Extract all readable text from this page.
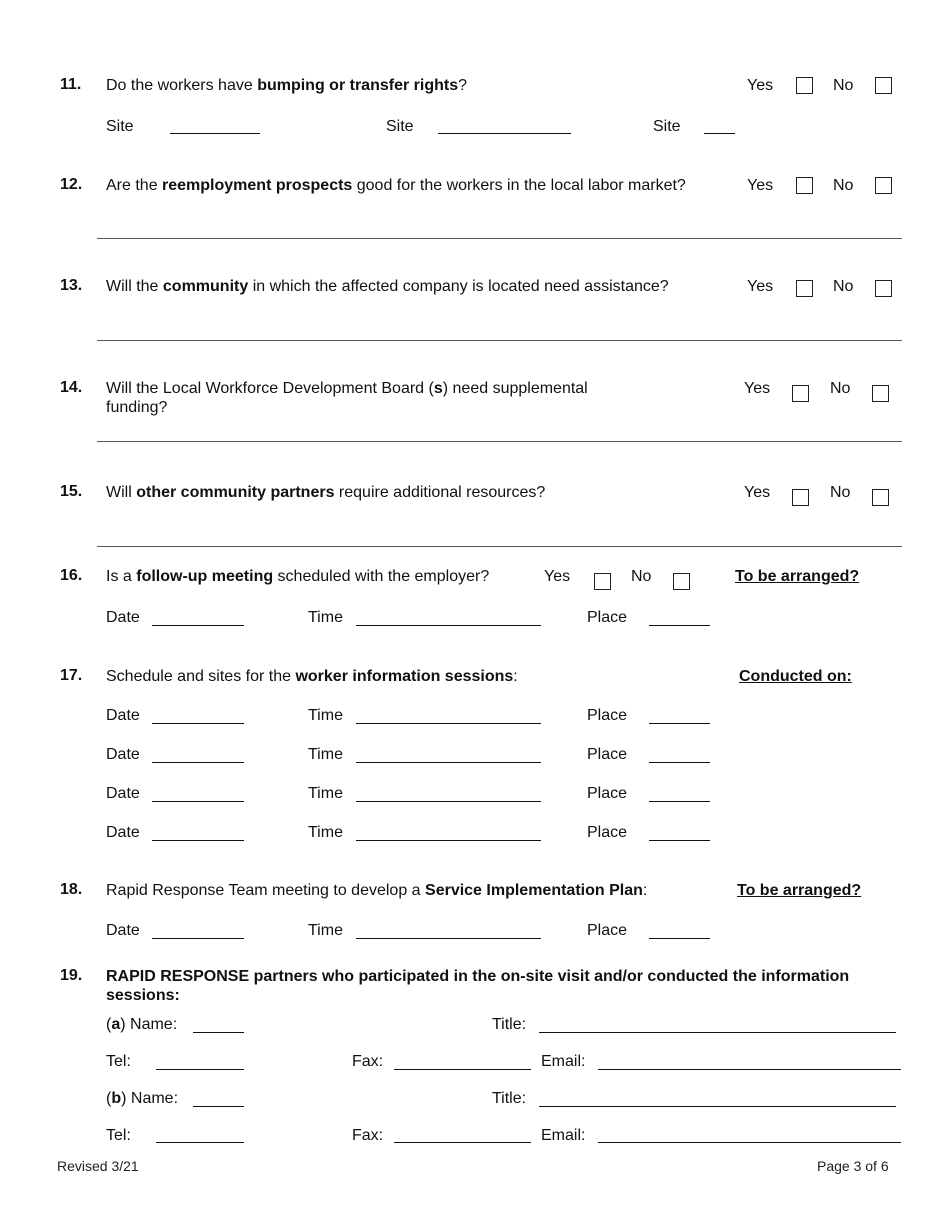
11. Do the workers have bumping or transfer rights?	Yes	No
Site	Site	Site
12. Are the reemployment prospects good for the workers in the local labor market?	Yes	No
13. Will the community in which the affected company is located need assistance?	Yes	No
14. Will the Local Workforce Development Board (s) need supplemental
funding?
Yes	No
15. Will other community partners require additional resources?	Yes	No
16. Is a follow-up meeting scheduled with the employer?	Yes	No	To be arranged?
Date	Time	Place
17. Schedule and sites for the worker information sessions:	Conducted on:
Date	Time	Place
Date	Time	Place
Date	Time	Place
Date	Time	Place
18. Rapid Response Team meeting to develop a Service Implementation Plan:	To be arranged?
Date	Time	Place
19. RAPID RESPONSE partners who participated in the on-site visit and/or conducted the information
sessions:
(a) Name:	Title:
Tel:	Fax:	Email:
(b) Name:	Title:
Tel:	Fax:	Email:
Revised 3/21	Page 3 of 6
